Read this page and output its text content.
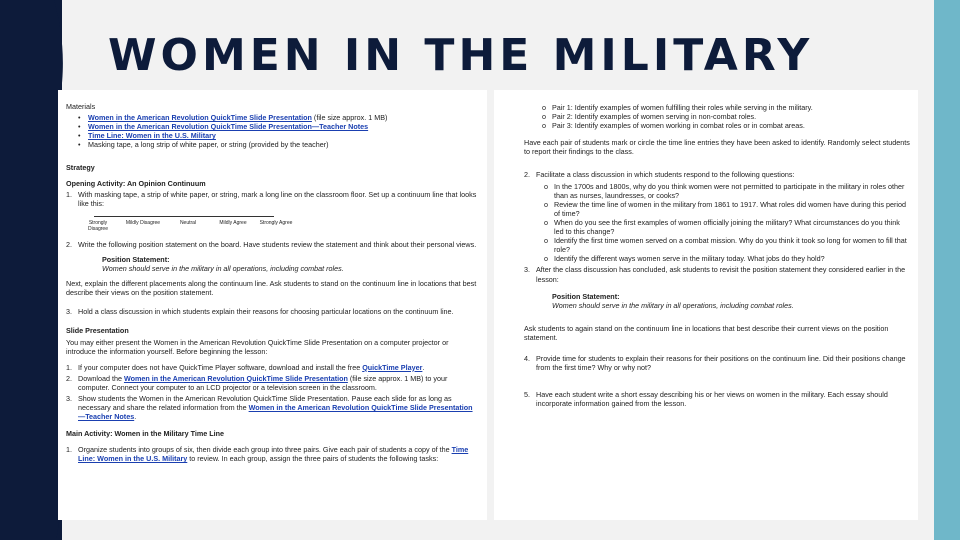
WOMEN IN THE MILITARY

Materials

• Women in the American Revolution QuickTime Slide Presentation (file size approx. 1 MB)
• Women in the American Revolution QuickTime Slide Presentation—Teacher Notes
• Time Line: Women in the U.S. Military
• Masking tape, a long strip of white paper, or string (provided by the teacher)

Strategy

Opening Activity: An Opinion Continuum

1. With masking tape, a strip of white paper, or string, mark a long line on the classroom floor. Set up a continuum line that looks like this:
Strongly Disagree
Mildly Disagree	Neutral	Mildly Agree	Strongly Agree
2. Write the following position statement on the board. Have students review the statement and think about their personal views.
Position Statement:
Women should serve in the military in all operations, including combat roles.

Next, explain the different placements along the continuum line. Ask students to stand on the continuum line in locations that best describe their views on the position statement.

3. Hold a class discussion in which students explain their reasons for choosing particular locations on the continuum line.

Slide Presentation

You may either present the Women in the American Revolution QuickTime Slide Presentation on a computer projector or introduce the information yourself. Before beginning the lesson:

1. If your computer does not have QuickTime Player software, download and install the free QuickTime Player.
2. Download the Women in the American Revolution QuickTime Slide Presentation (file size approx. 1 MB) to your computer. Connect your computer to an LCD projector or a television screen in the classroom.
3. Show students the Women in the American Revolution QuickTime Slide Presentation. Pause each slide for as long as necessary and share the related information from the Women in the American Revolution QuickTime Slide Presentation—Teacher Notes.

Main Activity: Women in the Military Time Line

1. Organize students into groups of six, then divide each group into three pairs. Give each pair of students a copy of the Time Line: Women in the U.S. Military to review. In each group, assign the three pairs of students the following tasks:
o Pair 1: Identify examples of women fulfilling their roles while serving in the military.
o Pair 2: Identify examples of women serving in non-combat roles.
o Pair 3: Identify examples of women working in combat roles or in combat areas.

Have each pair of students mark or circle the time line entries they have been asked to identify. Randomly select students to report their findings to the class.

2. Facilitate a class discussion in which students respond to the following questions:
o In the 1700s and 1800s, why do you think women were not permitted to participate in the military in roles other than as nurses, laundresses, or cooks?
o Review the time line of women in the military from 1861 to 1917. What roles did women have during this period of time?
o When do you see the first examples of women officially joining the military? What circumstances do you think led to this change?
o Identify the first time women served on a combat mission. Why do you think it took so long for women to fill that role?
o Identify the different ways women serve in the military today. What jobs do they hold?
3. After the class discussion has concluded, ask students to revisit the position statement they considered earlier in the lesson:
Position Statement:
Women should serve in the military in all operations, including combat roles.

Ask students to again stand on the continuum line in locations that best describe their current views on the position statement.

4. Provide time for students to explain their reasons for their positions on the continuum line. Did their positions change from the first time? Why or why not?
5. Have each student write a short essay describing his or her views on women in the military. Each essay should incorporate information gained from the lesson.
